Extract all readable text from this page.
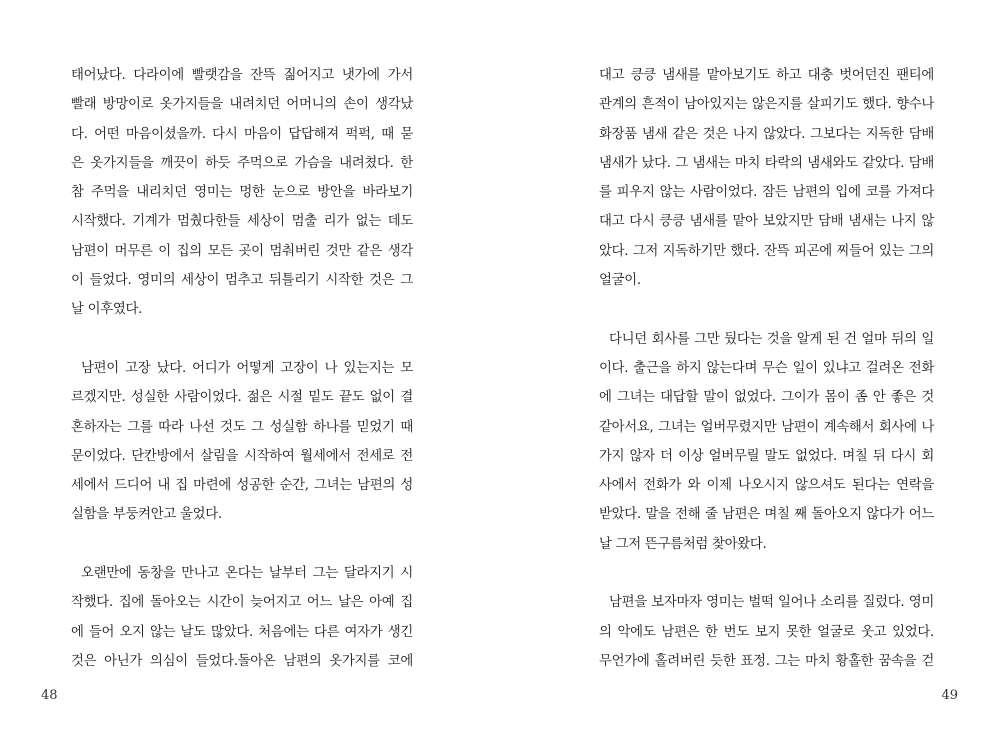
태어났다. 다라이에 빨랫감을 잔뜩 짊어지고 냇가에 가서
빨래 방망이로 옷가지들을 내려치던 어머니의 손이 생각났
다. 어떤 마음이셨을까. 다시 마음이 답답해져 퍽퍽, 때 묻
은 옷가지들을 깨끗이 하듯 주먹으로 가슴을 내려쳤다. 한
참 주먹을 내리치던 영미는 멍한 눈으로 방안을 바라보기
시작했다. 기계가 멈췄다한들 세상이 멈출 리가 없는 데도
남편이 머무른 이 집의 모든 곳이 멈춰버린 것만 같은 생각
이 들었다. 영미의 세상이 멈추고 뒤틀리기 시작한 것은 그
날 이후였다.
남편이 고장 났다. 어디가 어떻게 고장이 나 있는지는 모
르겠지만. 성실한 사람이었다. 젊은 시절 밑도 끝도 없이 결
혼하자는 그를 따라 나선 것도 그 성실함 하나를 믿었기 때
문이었다. 단칸방에서 살림을 시작하여 월세에서 전세로 전
세에서 드디어 내 집 마련에 성공한 순간, 그녀는 남편의 성
실함을 부둥켜안고 울었다.
오랜만에 동창을 만나고 온다는 날부터 그는 달라지기 시
작했다. 집에 돌아오는 시간이 늦어지고 어느 날은 아예 집
에 들어 오지 않는 날도 많았다. 처음에는 다른 여자가 생긴
것은 아닌가 의심이 들었다.돌아온 남편의 옷가지를 코에
48
대고 킁킁 냄새를 맡아보기도 하고 대충 벗어던진 팬티에
관계의 흔적이 남아있지는 않은지를 살피기도 했다. 향수나
화장품 냄새 같은 것은 나지 않았다. 그보다는 지독한 담배
냄새가 났다. 그 냄새는 마치 타락의 냄새와도 같았다. 담배
를 피우지 않는 사람이었다. 잠든 남편의 입에 코를 가져다
대고 다시 킁킁 냄새를 맡아 보았지만 담배 냄새는 나지 않
았다. 그저 지독하기만 했다. 잔뜩 피곤에 찌들어 있는 그의
얼굴이.
다니던 회사를 그만 뒀다는 것을 알게 된 건 얼마 뒤의 일
이다. 출근을 하지 않는다며 무슨 일이 있냐고 걸려온 전화
에 그녀는 대답할 말이 없었다. 그이가 몸이 좀 안 좋은 것
같아서요, 그녀는 얼버무렸지만 남편이 계속해서 회사에 나
가지 않자 더 이상 얼버무릴 말도 없었다. 며칠 뒤 다시 회
사에서 전화가 와 이제 나오시지 않으셔도 된다는 연락을
받았다. 말을 전해 줄 남편은 며칠 째 돌아오지 않다가 어느
날 그저 뜬구름처럼 찾아왔다.
남편을 보자마자 영미는 벌떡 일어나 소리를 질렀다. 영미
의 악에도 남편은 한 번도 보지 못한 얼굴로 웃고 있었다.
무언가에 홀려버린 듯한 표정. 그는 마치 황홀한 꿈속을 걷
49
